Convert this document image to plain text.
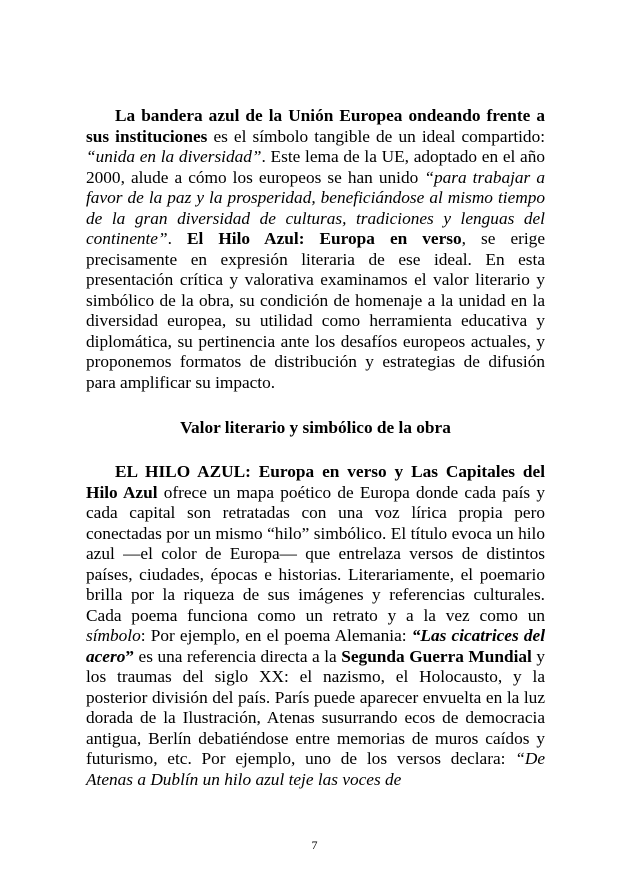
La bandera azul de la Unión Europea ondeando frente a sus instituciones es el símbolo tangible de un ideal compartido: “unida en la diversidad”. Este lema de la UE, adoptado en el año 2000, alude a cómo los europeos se han unido “para trabajar a favor de la paz y la prosperidad, beneficiándose al mismo tiempo de la gran diversidad de culturas, tradiciones y lenguas del continente”. El Hilo Azul: Europa en verso, se erige precisamente en expresión literaria de ese ideal. En esta presentación crítica y valorativa examinamos el valor literario y simbólico de la obra, su condición de homenaje a la unidad en la diversidad europea, su utilidad como herramienta educativa y diplomática, su pertinencia ante los desafíos europeos actuales, y proponemos formatos de distribución y estrategias de difusión para amplificar su impacto.

Valor literario y simbólico de la obra

EL HILO AZUL: Europa en verso y Las Capitales del Hilo Azul ofrece un mapa poético de Europa donde cada país y cada capital son retratadas con una voz lírica propia pero conectadas por un mismo “hilo” simbólico. El título evoca un hilo azul —el color de Europa— que entrelaza versos de distintos países, ciudades, épocas e historias. Literariamente, el poemario brilla por la riqueza de sus imágenes y referencias culturales. Cada poema funciona como un retrato y a la vez como un símbolo: Por ejemplo, en el poema Alemania: “Las cicatrices del acero” es una referencia directa a la Segunda Guerra Mundial y los traumas del siglo XX: el nazismo, el Holocausto, y la posterior división del país. París puede aparecer envuelta en la luz dorada de la Ilustración, Atenas susurrando ecos de democracia antigua, Berlín debatiéndose entre memorias de muros caídos y futurismo, etc. Por ejemplo, uno de los versos declara: “De Atenas a Dublín un hilo azul teje las voces de

7
